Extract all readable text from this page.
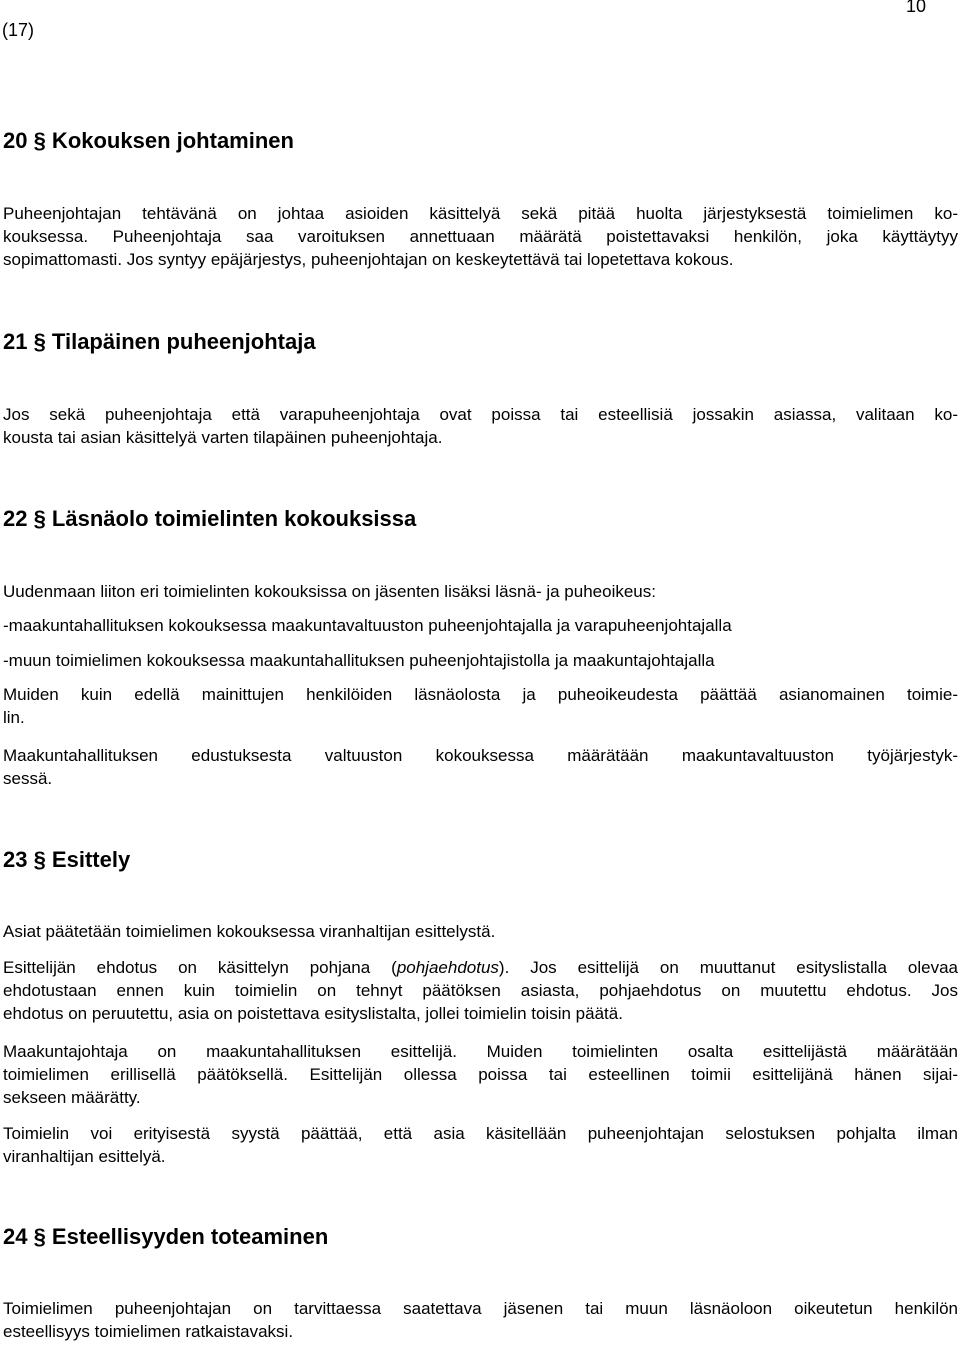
(17)
10
20 § Kokouksen johtaminen

Puheenjohtajan tehtävänä on johtaa asioiden käsittelyä sekä pitää huolta järjestyksestä toimielimen ko-
kouksessa. Puheenjohtaja saa varoituksen annettuaan määrätä poistettavaksi henkilön, joka käyttäytyy
sopimattomasti. Jos syntyy epäjärjestys, puheenjohtajan on keskeytettävä tai lopetettava kokous.

21 § Tilapäinen puheenjohtaja

Jos sekä puheenjohtaja että varapuheenjohtaja ovat poissa tai esteellisiä jossakin asiassa, valitaan ko-
kousta tai asian käsittelyä varten tilapäinen puheenjohtaja.

22 § Läsnäolo toimielinten kokouksissa

Uudenmaan liiton eri toimielinten kokouksissa on jäsenten lisäksi läsnä- ja puheoikeus:

-maakuntahallituksen kokouksessa maakuntavaltuuston puheenjohtajalla ja varapuheenjohtajalla

-muun toimielimen kokouksessa maakuntahallituksen puheenjohtajistolla ja maakuntajohtajalla

Muiden kuin edellä mainittujen henkilöiden läsnäolosta ja puheoikeudesta päättää asianomainen toimie-
lin.

Maakuntahallituksen edustuksesta valtuuston kokouksessa määrätään maakuntavaltuuston työjärjestyk-
sessä.

23 § Esittely

Asiat päätetään toimielimen kokouksessa viranhaltijan esittelystä.

Esittelijän ehdotus on käsittelyn pohjana (pohjaehdotus). Jos esittelijä on muuttanut esityslistalla olevaa
ehdotustaan ennen kuin toimielin on tehnyt päätöksen asiasta, pohjaehdotus on muutettu ehdotus. Jos
ehdotus on peruutettu, asia on poistettava esityslistalta, jollei toimielin toisin päätä.

Maakuntajohtaja on maakuntahallituksen esittelijä. Muiden toimielinten osalta esittelijästä määrätään
toimielimen erillisellä päätöksellä. Esittelijän ollessa poissa tai esteellinen toimii esittelijänä hänen sijai-
sekseen määrätty.

Toimielin voi erityisestä syystä päättää, että asia käsitellään puheenjohtajan selostuksen pohjalta ilman
viranhaltijan esittelyä.

24 § Esteellisyyden toteaminen

Toimielimen puheenjohtajan on tarvittaessa saatettava jäsenen tai muun läsnäoloon oikeutetun henkilön
esteellisyys toimielimen ratkaistavaksi.
